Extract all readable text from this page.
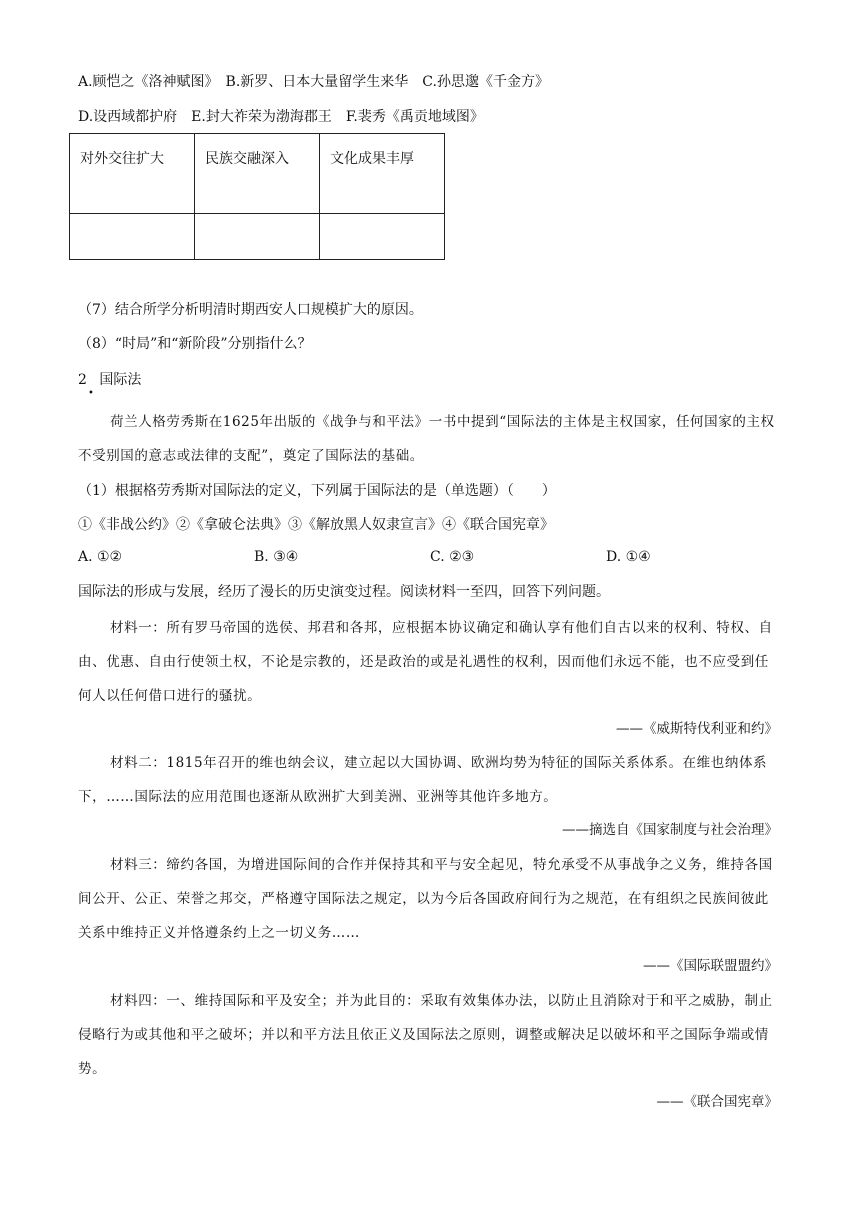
A.顾恺之《洛神赋图》　B.新罗、日本大量留学生来华　C.孙思邈《千金方》
D.设西域都护府　E.封大祚荣为渤海郡王　F.裴秀《禹贡地域图》
对外交往扩大	民族交融深入	文化成果丰厚

（7）结合所学分析明清时期西安人口规模扩大的原因。
（8）“时局”和“新阶段”分别指什么？
2 国际法
•
荷兰人格劳秀斯在1625年出版的《战争与和平法》一书中提到“国际法的主体是主权国家，任何国家的主权不受别国的意志或法律的支配”，奠定了国际法的基础。
（1）根据格劳秀斯对国际法的定义，下列属于国际法的是（单选题）（　　）
①《非战公约》②《拿破仑法典》③《解放黑人奴隶宣言》④《联合国宪章》
A. ①②	B. ③④	C. ②③	D. ①④
国际法的形成与发展，经历了漫长的历史演变过程。阅读材料一至四，回答下列问题。
材料一：所有罗马帝国的选侯、邦君和各邦，应根据本协议确定和确认享有他们自古以来的权利、特权、自由、优惠、自由行使领土权，不论是宗教的，还是政治的或是礼遇性的权利，因而他们永远不能，也不应受到任何人以任何借口进行的骚扰。
——《威斯特伐利亚和约》
材料二：1815年召开的维也纳会议，建立起以大国协调、欧洲均势为特征的国际关系体系。在维也纳体系下，……国际法的应用范围也逐渐从欧洲扩大到美洲、亚洲等其他许多地方。
——摘选自《国家制度与社会治理》
材料三：缔约各国，为增进国际间的合作并保持其和平与安全起见，特允承受不从事战争之义务，维持各国间公开、公正、荣誉之邦交，严格遵守国际法之规定，以为今后各国政府间行为之规范，在有组织之民族间彼此关系中维持正义并恪遵条约上之一切义务……
——《国际联盟盟约》
材料四：一、维持国际和平及安全；并为此目的：采取有效集体办法，以防止且消除对于和平之威胁，制止侵略行为或其他和平之破坏；并以和平方法且依正义及国际法之原则，调整或解决足以破坏和平之国际争端或情势。
——《联合国宪章》
